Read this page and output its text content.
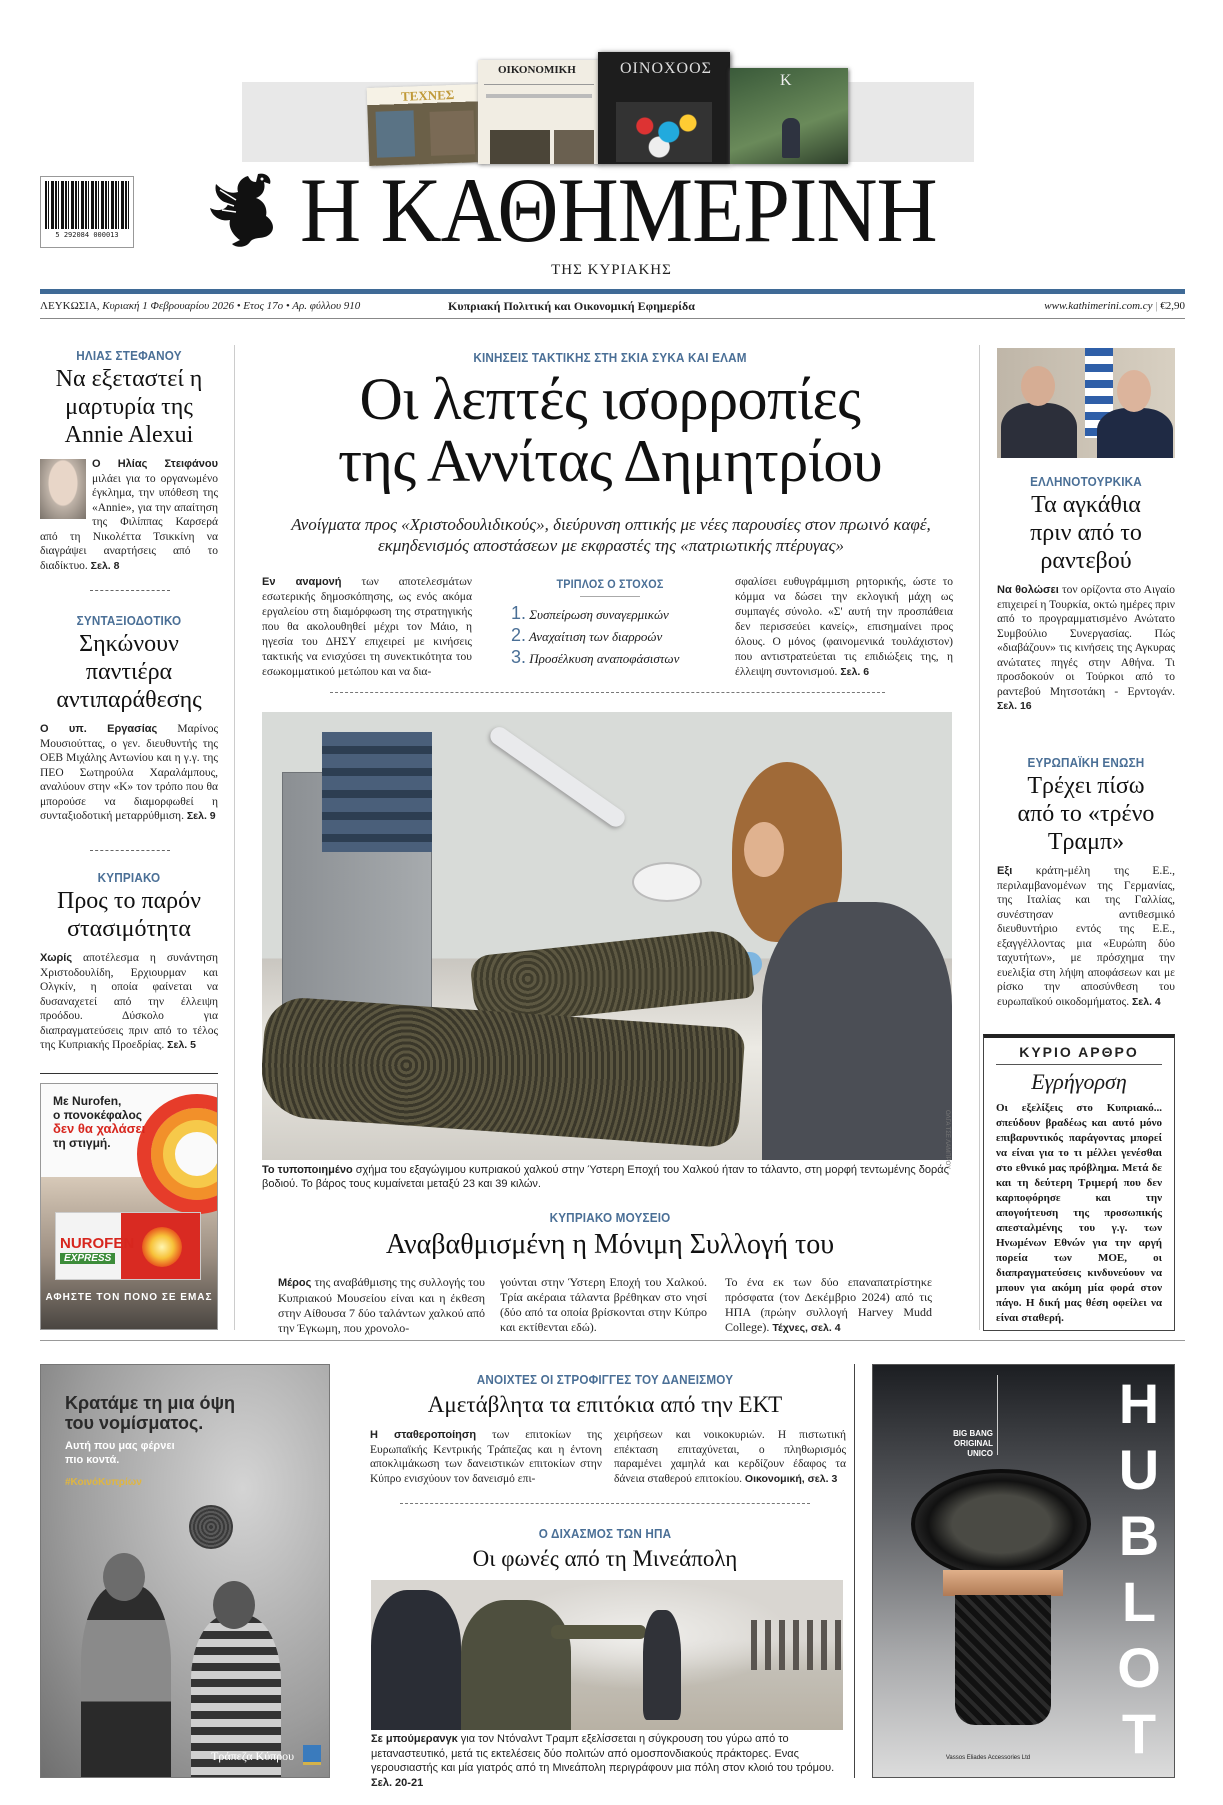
ΤΕΧΝΕΣ
ΟΙΚΟΝΟΜΙΚΗ	ΟΙΝΟΧΟΟΣ
K
5 292084 000013 Η ΚΑΘΗΜΕΡΙΝΗ
ΤΗΣ ΚΥΡΙΑΚΗΣ
ΛΕΥΚΩΣΙΑ, Κυριακή 1 Φεβρουαρίου 2026 • Ετος 17ο • Αρ. φύλλου 910	Κυπριακή Πολιτική και Οικονομική Εφημερίδα	www.kathimerini.com.cy | €2,90
ΗΛΙΑΣ ΣΤΕΦΑΝΟΥ
Να εξεταστεί η μαρτυρία της Annie Alexui
Ο Ηλίας Στειφάνου μιλάει για το οργανωμένο έγκλημα, την υπόθεση της «Annie», για την απαίτηση της Φιλίππας Καρσερά από τη Νικολέττα Τσικκίνη να διαγράψει αναρτήσεις από το διαδίκτυο. Σελ. 8
ΣΥΝΤΑΞΙΟΔΟΤΙΚΟ
Σηκώνουν παντιέρα αντιπαράθεσης
Ο υπ. Εργασίας Μαρίνος Μουσιούττας, ο γεν. διευθυντής της ΟΕΒ Μιχάλης Αντωνίου και η γ.γ. της ΠΕΟ Σωτηρούλα Χαραλάμπους, αναλύουν στην «Κ» τον τρόπο που θα μπορούσε να διαμορφωθεί η συνταξιοδοτική μεταρρύθμιση. Σελ. 9
ΚΥΠΡΙΑΚΟ
Προς το παρόν στασιμότητα
Χωρίς αποτέλεσμα η συνάντηση Χριστοδουλίδη, Ερχιουρμαν και Ολγκίν, η οποία φαίνεται να δυσαναχετεί από την έλλειψη προόδου. Δύσκολο για διαπραγματεύσεις πριν από το τέλος της Κυπριακής Προεδρίας. Σελ. 5
Με Nurofen,
ο πονοκέφαλος
δεν θα χαλάσει
τη στιγμή.
NUROFEN
EXPRESS
ΑΦΗΣΤΕ ΤΟΝ ΠΟΝΟ ΣΕ ΕΜΑΣ
ΚΙΝΗΣΕΙΣ ΤΑΚΤΙΚΗΣ ΣΤΗ ΣΚΙΑ ΣΥΚΑ ΚΑΙ ΕΛΑΜ
Οι λεπτές ισορροπίες
της Αννίτας Δημητρίου
Ανοίγματα προς «Χριστοδουλιδικούς», διεύρυνση οπτικής με νέες παρουσίες στον πρωινό καφέ, εκμηδενισμός αποστάσεων με εκφραστές της «πατριωτικής πτέρυγας»
Εν αναμονή των αποτελεσμάτων εσωτερικής δημοσκόπησης, ως ενός ακόμα εργαλείου στη διαμόρφωση της στρατηγικής που θα ακολουθηθεί μέχρι τον Μάιο, η ηγεσία του ΔΗΣΥ επιχειρεί με κινήσεις τακτικής να ενισχύσει τη συνεκτικότητα του εσωκομματικού μετώπου και να δια-
ΤΡΙΠΛΟΣ Ο ΣΤΟΧΟΣ
1. Συσπείρωση συναγερμικών
2. Αναχαίτιση των διαρροών
3. Προσέλκυση αναποφάσιστων
σφαλίσει ευθυγράμμιση ρητορικής, ώστε το κόμμα να δώσει την εκλογική μάχη ως συμπαγές σύνολο. «Σ' αυτή την προσπάθεια δεν περισσεύει κανείς», επισημαίνει προς όλους. Ο μόνος (φαινομενικά τουλάχιστον) που αντιστρατεύεται τις επιδιώξεις της, η έλλειψη συντονισμού. Σελ. 6
ΟΛΓΑ ΤΣΕ ΛΑΜΠΡΟΥ
Το τυποποιημένο σχήμα του εξαγώγιμου κυπριακού χαλκού στην Ύστερη Εποχή του Χαλκού ήταν το τάλαντο, στη μορφή τεντωμένης δοράς βοδιού. Το βάρος τους κυμαίνεται μεταξύ 23 και 39 κιλών.
ΚΥΠΡΙΑΚΟ ΜΟΥΣΕΙΟ
Αναβαθμισμένη η Μόνιμη Συλλογή του
Μέρος της αναβάθμισης της συλλογής του Κυπριακού Μουσείου είναι και η έκθεση στην Αίθουσα 7 δύο ταλάντων χαλκού από την Έγκωμη, που χρονολο-
γούνται στην Ύστερη Εποχή του Χαλκού. Τρία ακέραια τάλαντα βρέθηκαν στο νησί (δύο από τα οποία βρίσκονται στην Κύπρο και εκτίθενται εδώ).
Το ένα εκ των δύο επαναπατρίστηκε πρόσφατα (τον Δεκέμβριο 2024) από τις ΗΠΑ (πρώην συλλογή Harvey Mudd College). Τέχνες, σελ. 4
ΕΛΛΗΝΟΤΟΥΡΚΙΚΑ
Τα αγκάθια πριν από το ραντεβού
Να θολώσει τον ορίζοντα στο Αιγαίο επιχειρεί η Τουρκία, οκτώ ημέρες πριν από το προγραμματισμένο Ανώτατο Συμβούλιο Συνεργασίας. Πώς «διαβάζουν» τις κινήσεις της Αγκυρας ανώτατες πηγές στην Αθήνα. Τι προσδοκούν οι Τούρκοι από το ραντεβού Μητσοτάκη - Ερντογάν. Σελ. 16
ΕΥΡΩΠΑΪΚΗ ΕΝΩΣΗ
Τρέχει πίσω από το «τρένο Τραμπ»
Εξι κράτη-μέλη της Ε.Ε., περιλαμβανομένων της Γερμανίας, της Ιταλίας και της Γαλλίας, συνέστησαν αντιθεσμικό διευθυντήριο εντός της Ε.Ε., εξαγγέλλοντας μια «Ευρώπη δύο ταχυτήτων», με πρόσχημα την ευελιξία στη λήψη αποφάσεων και με ρίσκο την αποσύνθεση του ευρωπαϊκού οικοδομήματος. Σελ. 4
ΚΥΡΙΟ ΑΡΘΡΟ
Εγρήγορση
Οι εξελίξεις στο Κυπριακό... σπεύδουν βραδέως και αυτό μόνο επιβαρυντικός παράγοντας μπορεί να είναι για το τι μέλλει γενέσθαι στο εθνικό μας πρόβλημα. Μετά δε και τη δεύτερη Τριμερή που δεν καρποφόρησε και την απογοήτευση της προσωπικής απεσταλμένης του γ.γ. των Ηνωμένων Εθνών για την αργή πορεία των ΜΟΕ, οι διαπραγματεύσεις κινδυνεύουν να μπουν για ακόμη μία φορά στον πάγο. Η δική μας θέση οφείλει να είναι σταθερή.
Κρατάμε τη μια όψη του νομίσματος.
Αυτή που μας φέρνει πιο κοντά.
#ΚοινόΚυπρίων
Τράπεζα Κύπρου
ΑΝΟΙΧΤΕΣ ΟΙ ΣΤΡΟΦΙΓΓΕΣ ΤΟΥ ΔΑΝΕΙΣΜΟΥ
Αμετάβλητα τα επιτόκια από την ΕΚΤ
Η σταθεροποίηση των επιτοκίων της Ευρωπαϊκής Κεντρικής Τράπεζας και η έντονη αποκλιμάκωση των δανειστικών επιτοκίων στην Κύπρο ενισχύουν τον δανεισμό επι-
χειρήσεων και νοικοκυριών. Η πιστωτική επέκταση επιταχύνεται, ο πληθωρισμός παραμένει χαμηλά και κερδίζουν έδαφος τα δάνεια σταθερού επιτοκίου. Οικονομική, σελ. 3
Ο ΔΙΧΑΣΜΟΣ ΤΩΝ ΗΠΑ
Οι φωνές από τη Μινεάπολη
Σε μπούμερανγκ για τον Ντόναλντ Τραμπ εξελίσσεται η σύγκρουση του γύρω από το μεταναστευτικό, μετά τις εκτελέσεις δύο πολιτών από ομοσπονδιακούς πράκτορες. Ενας γερουσιαστής και μία γιατρός από τη Μινεάπολη περιγράφουν μια πόλη στον κλοιό του τρόμου. Σελ. 20-21
BIG BANG
ORIGINAL
UNICO
H
U
B
L
O
T
Vassos Eliades Accessories Ltd
